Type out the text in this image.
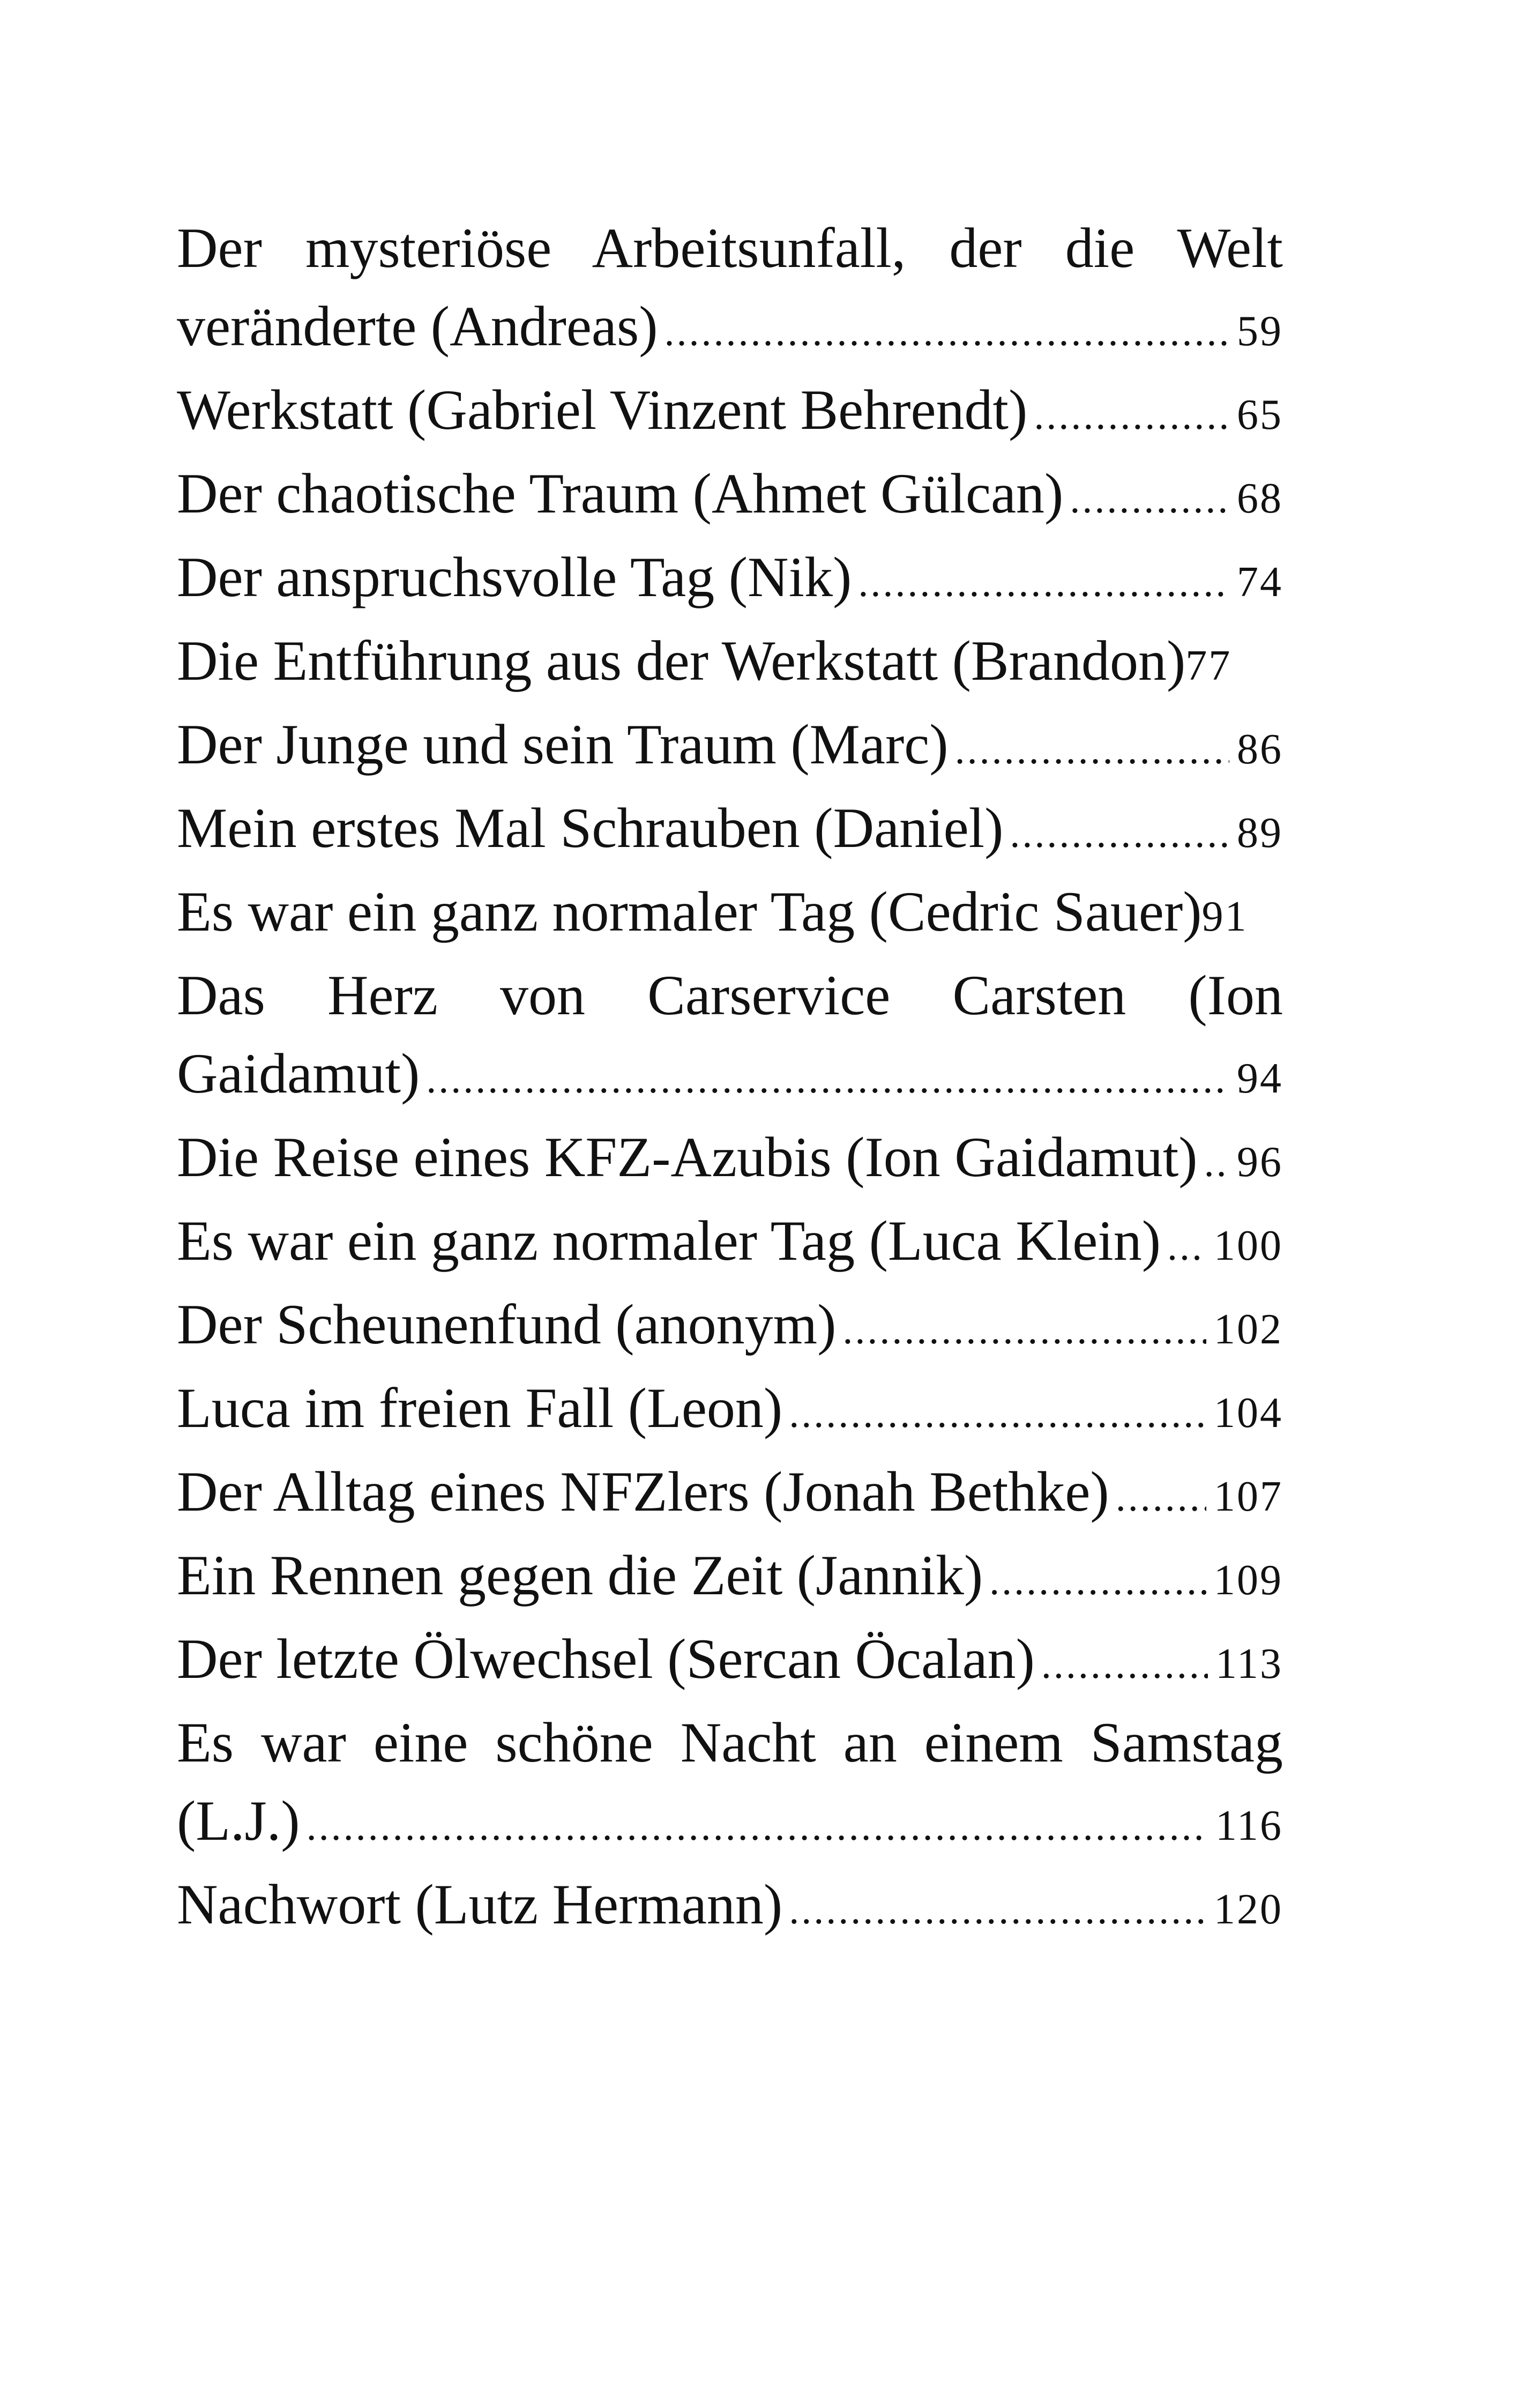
Der mysteriöse Arbeitsunfall, der die Welt
veränderte (Andreas) .....	59
Werkstatt (Gabriel Vinzent Behrendt) .....	65
Der chaotische Traum (Ahmet Gülcan) .....	68
Der anspruchsvolle Tag (Nik) .....	74
Die Entführung aus der Werkstatt (Brandon) 77
Der Junge und sein Traum (Marc) .....	86
Mein erstes Mal Schrauben (Daniel) .....	89
Es war ein ganz normaler Tag (Cedric Sauer) 91
Das Herz von Carservice Carsten (Ion
Gaidamut) .....	94
Die Reise eines KFZ-Azubis (Ion Gaidamut) ..... 96
Es war ein ganz normaler Tag (Luca Klein) ..... 100
Der Scheunenfund (anonym) .....	102
Luca im freien Fall (Leon) .....	104
Der Alltag eines NFZlers (Jonah Bethke) ..... 107
Ein Rennen gegen die Zeit (Jannik) .....	109
Der letzte Ölwechsel (Sercan Öcalan) .....	113
Es war eine schöne Nacht an einem Samstag
(L.J.) .....	116
Nachwort (Lutz Hermann) .....	120
